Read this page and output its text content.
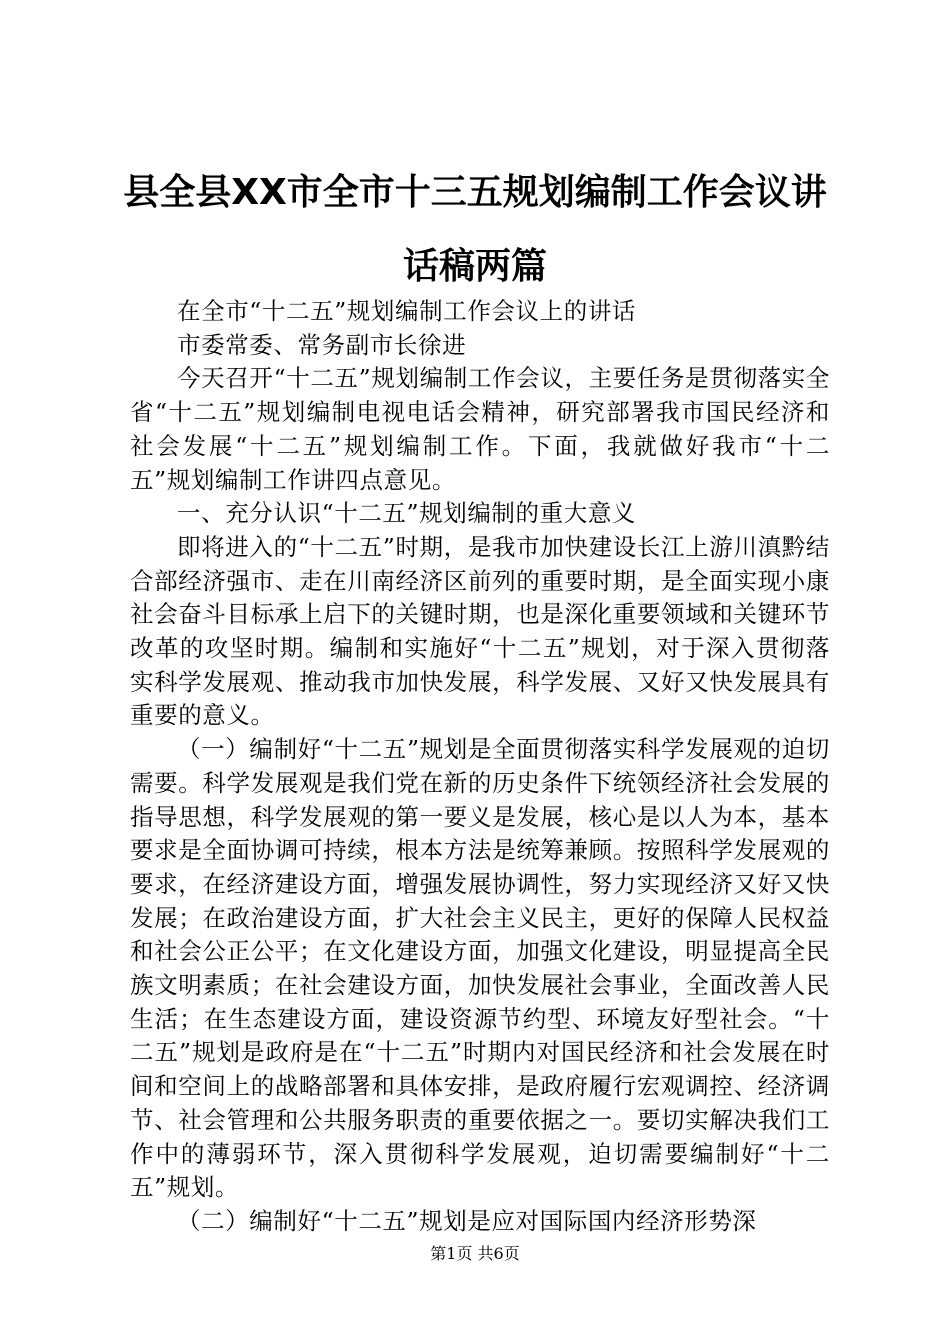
县全县XX市全市十三五规划编制工作会议讲话稿两篇

在全市“十二五”规划编制工作会议上的讲话

市委常委、常务副市长徐进

今天召开“十二五”规划编制工作会议，主要任务是贯彻落实全省“十二五”规划编制电视电话会精神，研究部署我市国民经济和社会发展“十二五”规划编制工作。下面，我就做好我市“十二五”规划编制工作讲四点意见。

一、充分认识“十二五”规划编制的重大意义

即将进入的“十二五”时期，是我市加快建设长江上游川滇黔结合部经济强市、走在川南经济区前列的重要时期，是全面实现小康社会奋斗目标承上启下的关键时期，也是深化重要领域和关键环节改革的攻坚时期。编制和实施好“十二五”规划，对于深入贯彻落实科学发展观、推动我市加快发展，科学发展、又好又快发展具有重要的意义。

（一）编制好“十二五”规划是全面贯彻落实科学发展观的迫切需要。科学发展观是我们党在新的历史条件下统领经济社会发展的指导思想，科学发展观的第一要义是发展，核心是以人为本，基本要求是全面协调可持续，根本方法是统筹兼顾。按照科学发展观的要求，在经济建设方面，增强发展协调性，努力实现经济又好又快发展；在政治建设方面，扩大社会主义民主，更好的保障人民权益和社会公正公平；在文化建设方面，加强文化建设，明显提高全民族文明素质；在社会建设方面，加快发展社会事业，全面改善人民生活；在生态建设方面，建设资源节约型、环境友好型社会。“十二五”规划是政府是在“十二五”时期内对国民经济和社会发展在时间和空间上的战略部署和具体安排，是政府履行宏观调控、经济调节、社会管理和公共服务职责的重要依据之一。要切实解决我们工作中的薄弱环节，深入贯彻科学发展观，迫切需要编制好“十二五”规划。

（二）编制好“十二五”规划是应对国际国内经济形势深

第1页 共6页
